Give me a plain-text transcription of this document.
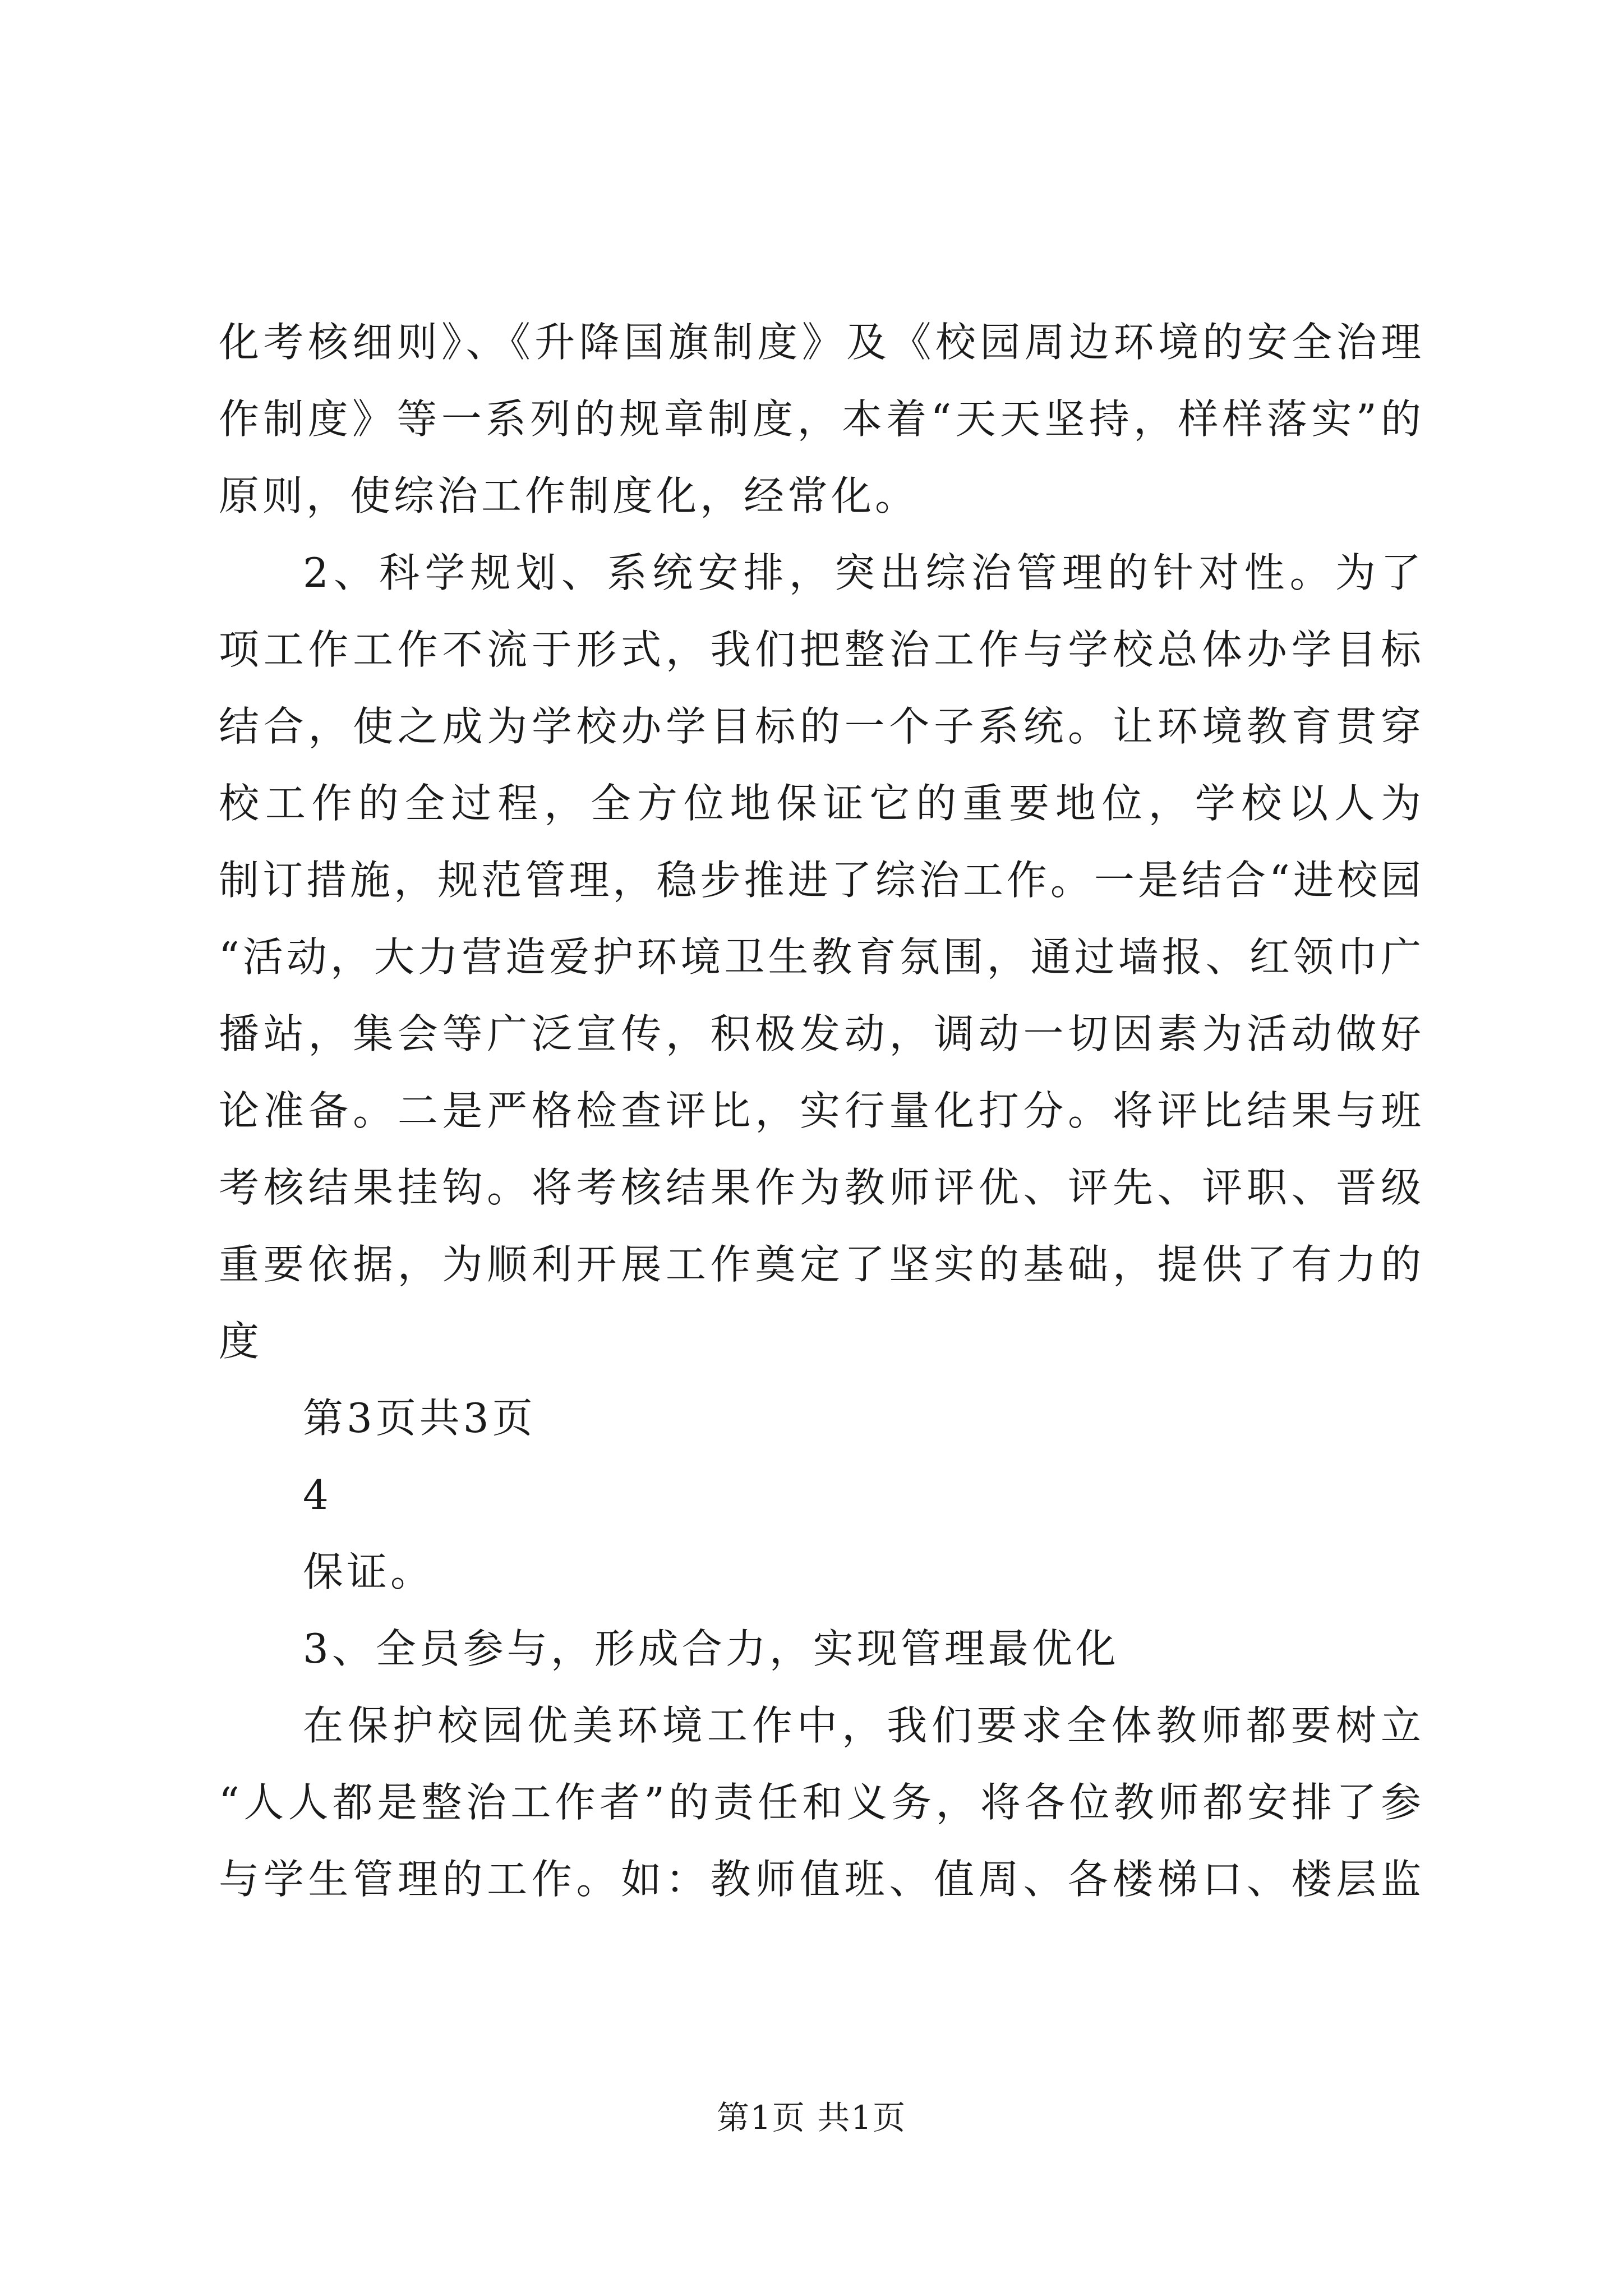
化考核细则》、《升降国旗制度》及《校园周边环境的安全治理
作制度》等一系列的规章制度，本着“天天坚持，样样落实”的
原则，使综治工作制度化，经常化。
2、科学规划、系统安排，突出综治管理的针对性。为了
项工作工作不流于形式，我们把整治工作与学校总体办学目标
结合，使之成为学校办学目标的一个子系统。让环境教育贯穿
校工作的全过程，全方位地保证它的重要地位，学校以人为
制订措施，规范管理，稳步推进了综治工作。一是结合“进校园
“活动，大力营造爱护环境卫生教育氛围，通过墙报、红领巾广
播站，集会等广泛宣传，积极发动，调动一切因素为活动做好
论准备。二是严格检查评比，实行量化打分。将评比结果与班
考核结果挂钩。将考核结果作为教师评优、评先、评职、晋级
重要依据，为顺利开展工作奠定了坚实的基础，提供了有力的
度
第3页共3页
4
保证。
3、全员参与，形成合力，实现管理最优化
在保护校园优美环境工作中，我们要求全体教师都要树立
“人人都是整治工作者”的责任和义务，将各位教师都安排了参
与学生管理的工作。如：教师值班、值周、各楼梯口、楼层监
第1页 共1页
